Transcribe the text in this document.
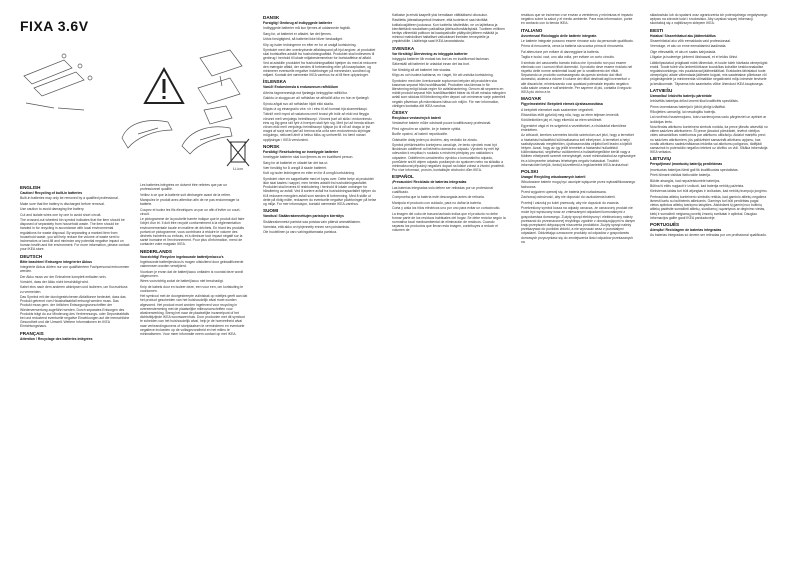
FIXA 3.6V
Li-ion
ENGLISH

Caution! Recycling of built-in batteries

Built-in batteries may only be removed by a qualified professional.

Make sure that the battery is discharged before removal.

Use caution to avoid damaging the battery.

Cut and isolate wires one by one to avoid short circuit.

The crossed-out wheeled bin symbol indicates that the item should be disposed of separately from household waste. The item should be handed in for recycling in accordance with local environmental regulations for waste disposal. By separating a marked item from household waste, you will help reduce the volume of waste sent to incinerators or land-fill and minimize any potential negative impact on human health and the environment. For more information, please contact your IKEA store.

DEUTSCH

Bitte beachten! Entsorgen integrierter Akkus

Integrierte Akkus dürfen nur von qualifiziertem Fachpersonal entnommen werden.

Der Akku muss vor der Entnahme komplett entladen sein.

Vorsicht, dass der Akku nicht beschädigt wird.

Kabel eins nach dem anderen abknipsen und isolieren, um Kurzschluss zu vermeiden.

Das Symbol mit der durchgestrichenen Abfalltonne bedeutet, dass das Produkt getrennt vom Haushaltsabfall entsorgt werden muss. Das Produkt muss gem. der örtlichen Entsorgungsvorschriften der Wiederverwertung zugeführt werden. Durch separates Entsorgen des Produkts trägt du zur Minderung des Verbrennungs- oder Deponieabfalls bei und reduzierst eventuelle negative Einwirkungen auf die menschliche Gesundheit und die Umwelt. Weitere Informationen im IKEA Einrichtungshaus.

FRANÇAIS

Attention ! Recyclage des batteries intégrées

Les batteries intégrées ne doivent être retirées que par un professionnel qualifié.

Veillez à ce que la batterie soit déchargée avant de la retirer.

Manipulez le produit avec attention afin de ne pas endommager la batterie.

Coupez et isolez les fils électriques un par un afin d'éviter un court-circuit.

Le pictogramme de la poubelle barrée indique que le produit doit faire l'objet d'un tri. Il doit être recyclé conformément à la réglementation environnementale locale en matière de déchets. En triant les produits portant ce pictogramme, vous contribuez à réduire le volume des déchets incinérés ou enfouis, et à diminuer tout impact négatif sur la santé humaine et l'environnement. Pour plus d'information, merci de contacter votre magasin IKEA.

NEDERLANDS

Voorzichtig! Recyclen ingebouwde batterijen/accu's

Ingebouwde batterijen/accu's mogen uitsluitend door gekwalificeerde vakmensen worden verwijderd.

Voorkom je ervan dat de batterij/accu ontladen is voordat deze wordt uitgenomen.

Wees voorzichtig zodat de batterij/accu niet beschadigt.

Knip de kabels door en isoleer deze, een voor een, om kortsluiting te voorkomen.

Het symbool met de doorgestreepte vuilnisbak op wieltjes geeft aan dat het product gescheiden van het huishoudelijk afval moet worden afgevoerd. Het product moet worden ingeleverd voor recycling in overeenstemming met de plaatselijke milieuvoorschriften voor afvalverwerking. Breng het naar de plaatselijke inzamelpunt of het dichtstbijzijnde IKEA woonwarenhuis. Door producten met dit symbool te scheiden van het huishoudelijk afval, help je de hoeveelheid afval naar verbrandingsovens of stortplaatsen te verminderen en eventuele negatieve invloeden op de volksgezondheid en het milieu te minimaliseren. Voor meer informatie neem contact op met IKEA.

DANSK

Forsigtig! Genbrug af indbyggede batterier

Indbyggede batterier må kun fjernes af uddannede fagfolk.

Sørg for, at batteriet er afladet, før det fjernes.

Udvis forsigtighed, så batteriet ikke bliver beskadiget.

Klip og isoler ledningerne en efter en for at undgå kortslutning.

Symbolet med den overkrydsede affaldsspand på hjul angiver, at produktet skal bortskaffes adskilt fra husholdningsaffald. Produktet skal indleveres til genbrug i henhold til lokale miljøbestemmelser for bortskaffelse af affald. Ved at adskille produktet fra husholdningsaffald hjælper du med at reducere den mængde affald, der sendes til forbrænding eller på lossepladser, og minimerer eventuelle negative indvirkninger på mennesker, sundhed og miljøet. Kontakt det nærmeste IKEA varehus for at få flere oplysninger.

ÍSLENSKA

Varúð! Endurvinnsla á endurunnum rafhlöðum

Aðeins fagmenneskja má fjarlægja innbyggðar rafhlöður.

Gakktu úr skugga um að rafhlaðan sé afhlaðið áður en hún er fjarlægð.

Sýndu aðgát svo að rafhlaðan hljóti ekki skaða.

Klipptu á og einangraðu víra: vír í einu til að komast hjá skammhlaupi.

Táknið með mynd af ruslatunnu með krossi yfir bólir að ekki má fleygja vörunni með venjulegu heimilissorpi. Vörunni þarf að skila í endurvinnslu eins og lög gera ráð fyrir á hverjum stað fyrir sig. Með því að henda slíkum vörum ekki með venjulegu heimilissorpi hjálpar þú til við að draga úr því magni af sorpi sem þarf að brenna eða urða sem endurvinnstu stýringar mögulegu, neikvæð áhrif á heilsu fólks og umhverfið. Þú færð nánari upplýsingar í IKEA versluninni.

NORSK

Forsiktig! Resirkulering av innebygde batterier

Innebygde batterier skal kun fjernes av en kvalifisert person.

Sørg for at batteriet er utladet før det tas ut.

Vær forsiktig for å unngå å skade batteriet.

Kutt og isoler ledningene en etter en for å unngå kortslutning.

Symbolet viser en søppelbøtte med et kryss over. Dette betyr at produktet ikke skal kastes i søppel, men hentes adskilt fra husholdningsavfallet. Produktet skal leveres til resirkulering i henhold til lokale ordninger for håndtering av avfall. Ved å sortere avfall fra husholdningsavfallet hjelper du til å redusere mengden avfall som sendes til forbrenning. Med å skille ut dette på riktig måte, reduserer du eventuelle negative påvirkninger på helse og miljø. For mer informasjon, kontakt nærmeste IKEA-varehus.

SUOMI

Varoitus! Sisäänrakennettujen paristojen kierrätys

Sisäänrakennetut paristot saa poistaa vain pätevä ammattilainen.

Varmista, että akku on tyhjennetty ennen sen poistamista.

Ole huolellinen ja varo vahingoittamasta paristoa.

Katkaise ja eristä kaapelit yksi kerrallaan välttääksesi oikosulun.

Rastitettu jäteastiasymboli ilmaisee, että tuotetta ei saa hävittää kotitalousjätteen joukossa. Kun tuotteita hävitetään, ne on lajiteltava ja kierrätettävä noudattaen paikallisia jätehuoltomääräyksiä. Tuotteen erillinen keräys vähentää polttoon tai kaatopaikoille päätyvän jätteen määrää ja minimoi mahdolliset haitalliset vaikutukset ihmisten terveydelle ja ympäristölle. Lisätietoja saat IKEA-tavaratalosta.

SVENSKA

Var försiktig! Återvinning av inbyggda batterier

Inbyggda batterier får endast tas bort av en kvalificerad fackman.

Säkerställ att batteriet är urladdat innan det tas bort.

Var försiktig så att batteriet inte skadas.

Klipp av och isolera kablarna, en i taget, för att undvika kortslutning.

Symbolen med den överkorsade soptunnan betyder att produkten ska kasseras separat från hushållsavfall. Produkten ska lämnas in för återvinning enligt lokala regler för avfallshantering. Genom att separera en märkt produkt separat från hushållsavfallet bidrar du till att minska mängden avfall som skickas till förbränning eller deponi och minimerar varje potentiell negativ påverkan på människans hälsa och miljön. För mer information, vänligen kontakta ditt IKEA varuhus.

ČESKY

Recyklace vestavěných baterií

Vestavěné baterie může odstranit pouze kvalifikovaný profesionál.

Před vyjmutím se ujistěte, že je baterie vybitá.

Buďte opatrní, ať baterii nepoškodíte.

Odstraňte dráty jeden po druhém, aby nedošlo ke zkratu.

Symbol přeškrtnutého kontejneru označuje, že tento výrobek musí být likvidován odděleně od běžného domácího odpadu. Výrobek by měl být odevzdán k recyklaci v souladu s místními předpisy pro nakládání s odpadem. Oddělením označeného výrobku z komunálního odpadu, pomůžete snížit objem odpadu posílaných do spaloven nebo na skládku a minimalizovat případný negativní dopad na lidské zdraví a životní prostředí. Pro více informací, prosím, kontaktujte obchodní dům IKEA.

ESPAÑOL

¡Precaución! Reciclado de baterías integradas

Las baterías integradas solo deben ser retiradas por un profesional cualificado.

Comprueba que la batería esté descargada antes de retirarla.

Manipula el producto con cuidado, para no dañar la batería.

Corta y aísla los hilos eléctricos uno por uno para evitar un cortocircuito.

La imagen del cubo de basura tachado indica que el producto no debe formar parte de los residuos habituales del hogar. Se debe reciclar según la normativa local medioambiental de eliminación de residuos. Cuando separas los productos que llevan esta imagen, contribuyes a reducir el volumen de

residuos que se incineran o se envían a vertederos y minimizas el impacto negativo sobre la salud y el medio ambiente. Para más información, ponte en contacto con tu tienda IKEA.

ITALIANO

Avvertenza! Riciclaggio delle batterie integrate.

Le batterie integrate possono essere rimosse solo da personale qualificato.

Prima di rimuoverla, cerca la batteria sia scarica prima di rimuoverla.

Fai attenzione per evitare di danneggiare la batteria.

Taglia e isola i cavi, uno alla volta, per evitare un corto circuito.

Il simbolo del cassonetto barrato indica che il prodotto non può essere eliminato con i comuni rifiuti domestici. Il prodotto deve essere riciclato nel rispetto delle norme ambientali locali per lo smaltimento dei rifiuti. Separando un prodotto contrassegnato da questo simbolo dai rifiuti domestici, aiuterai a ridurre il volume dei rifiuti destinati agli inceneritori o alle discariche, minimizzando così qualsiasi potenziale impatto negativo sulla salute umana e sull'ambiente. Per saperne di più, contatta il negozio IKEA più vicino a te.

MAGYAR

Figyelmeztetés! Beépített elemek újrahasznosítása

A beépített elemeket csak szakember végezheti.

Eltávolítás előtt győződj meg róla, hogy az elem teljesen lemerült.

Körültekintően járj el, hogy elkerüld az elem sérülését.

Egyenként vágd el és szigeteld a vezetékeket, a rövidzárlat elkerülése érdekében.

Az áthúzott, kerekes szemetes tárolók szimbólum azt jelzi, hogy a terméket a háztartási hulladéktól különválasztva kell elhelyezni. A terméket a helyi szabályozásnak megfelelően, újrahasznosítás céljából kell leadni a kijelölt helyen. Azzal, hogy az így jelölt terméket a háztartási hulladéktól különválasztod, segíthetsz csökkenteni a hulladékégetőkbe került vagy a földben elhelyezett szemét mennyiségét, ezzel minimalizálod az egészségre és a környezetre ártalmas lehetséges negatív hatásokat. További információért kérjük, fordulj közvetlenül a legközelebbi IKEA áruházhoz!

POLSKI

Uwaga! Recykling wbudowanych baterii

Wbudowane baterie mogą być usunięte wyłącznie przez wykwalifikowanego fachowca.

Przed wyjęciem upewnij się, że bateria jest rozładowana.

Zachowaj ostrożność, aby nie dopuścić do uszkodzenia baterii.

Przetnij i zaizoluj po kolei przewody, aby nie dopuścić do zwarcia.

Przekreślony symbol kosza na odpady oznacza, że oznaczony produkt nie może być wyrzucany wraz ze zmieszanymi odpadami komunalnymi z gospodarstwa domowego. Zużyty sprzęt elektryczny i elektroniczny należy przekazać do przeznaczonej recyklingu zgodnie z obowiązującymi w danym kraju przepisami dotyczącymi niszczenia produktów. Zużyty sprzęt należy przekazywać do punktów zbiórki, a nie wyrzucać wraz z pozostałymi odpadami. Oddzielając oznaczone produkty od odpadów z gospodarstw domowych przyczyniasz się do zmniejszenia ilości odpadów przekazanych na

składowisko lub do spalarni oraz ograniczenia ich potencjalnego negatywnego wpływu na zdrowie ludzi i środowisko. Aby uzyskać więcej informacji, skontaktuj się z najbliższym sklepem IKEA.

EESTI

Hoiatus! Sisseehitatud aku jäätmekäitlus

Sisseehitatud aku võib eemaldada vaid professionaal.

Veenduge, et aku on enne eemaldamist laadimata.

Olge ettevaatlik, et aku ei saaks kahjustada.

Lõigake ja isoleerige juhtmed ükshaaval, et ei tekiks lühist.

Läbikriipsutatud prügikasti märk tähendab, et toode tuleb hävitada olmeprügist eraldi. Toode tuleb viia ümbertöötlusse kooskõlas kohalike keskkonnakaitse regulatsioonidega, mis puudutavad jäätmekäitlust. Eraldades tähistatud toote olmeprügist, aitate vähendada jäätmete kogust, mis saadetakse põletusse või prügimägedele ja minimeerida võimalikke negatiivseid mõju inimeste tervisele ja keskkonnale. Täpsema info saamiseks võtke ühendust IKEA kauplusega.

LATVIEŠU

Uzmanību! Iebūvēto bateriju pārstrāde

Iebūvētās baterijas drīkst izņemt tikai kvalificēts speciālists.

Pirms izņemšanas baterijai ir jābūt pilnīgi izlādētai.

Rīkojieties uzmanīgi, lai nesabojātu bateriju.

Lai novērstu īssavienojumu, kotru savienojuma vadu pārgrieziet un aptiniet ar izolācijas lentu.

Nosvītrotas atkritumu konteinera simbols norāda, ka prece jāievāc atsevišķi no citiem sadzīves atkritumiem. Šī prece jānodod pārstrādei, ievērot vietējos vides aizsardzības noteikumus par atkritumu utilizāciju. Atdalot marķētu preci no sadzīves atkritumiem, jūs palīdzēsiet samazināt atkritumu apjomu, kas nonāk atkritumu sadedzināšanas iekārtās vai atkritumu poligonos, tādējādi samazinot to potenciālo negatīvo ietekmi uz cilvēku un vidi. Sīkāka informācija IKEA veikalos.

LIETUVIŲ

Perspėjimas! Įmontuotų baterijų perdirbimas

Įmontuotas baterijas išimti gali tik kvalifikuotas specialistas.

Prieš išimant visiškai išeikvokite baterija.

Būkite atsargūs, kad nepažeistumėte baterijos.

Būtina iš eilės nupjauti ir izoliuoti, kad baterija nebūtų pažeista.

Kiekvienas laidas turi būti atjungtas ir izoliuotas, kad nebūtų trumpojo jungimo.

Perbrauktas atliekų konteinerio simbolis reiškia, kad gaminio atliekų negalima išmesti kartu su buitinėmis atliekomis. Gaminys turi būti perdirbtas pagal vietos aplinkos atliekų tvarkymo taisykles. Atskirdami šį gaminį nuo buitinių atliekų padėsite sumažinti atliekų, siunčiamų į sąvartynus ar deginimo vietas, kiekį ir sumažinti neigiamą poveikį žmonių sveikatai ir aplinkai. Daugiau informacijos galite gauti IKEA parduotuvėje.

PORTUGUÊS

Atenção! Reciclagem de baterias integradas

As baterias integradas só devem ser retiradas por um profissional qualificado.
